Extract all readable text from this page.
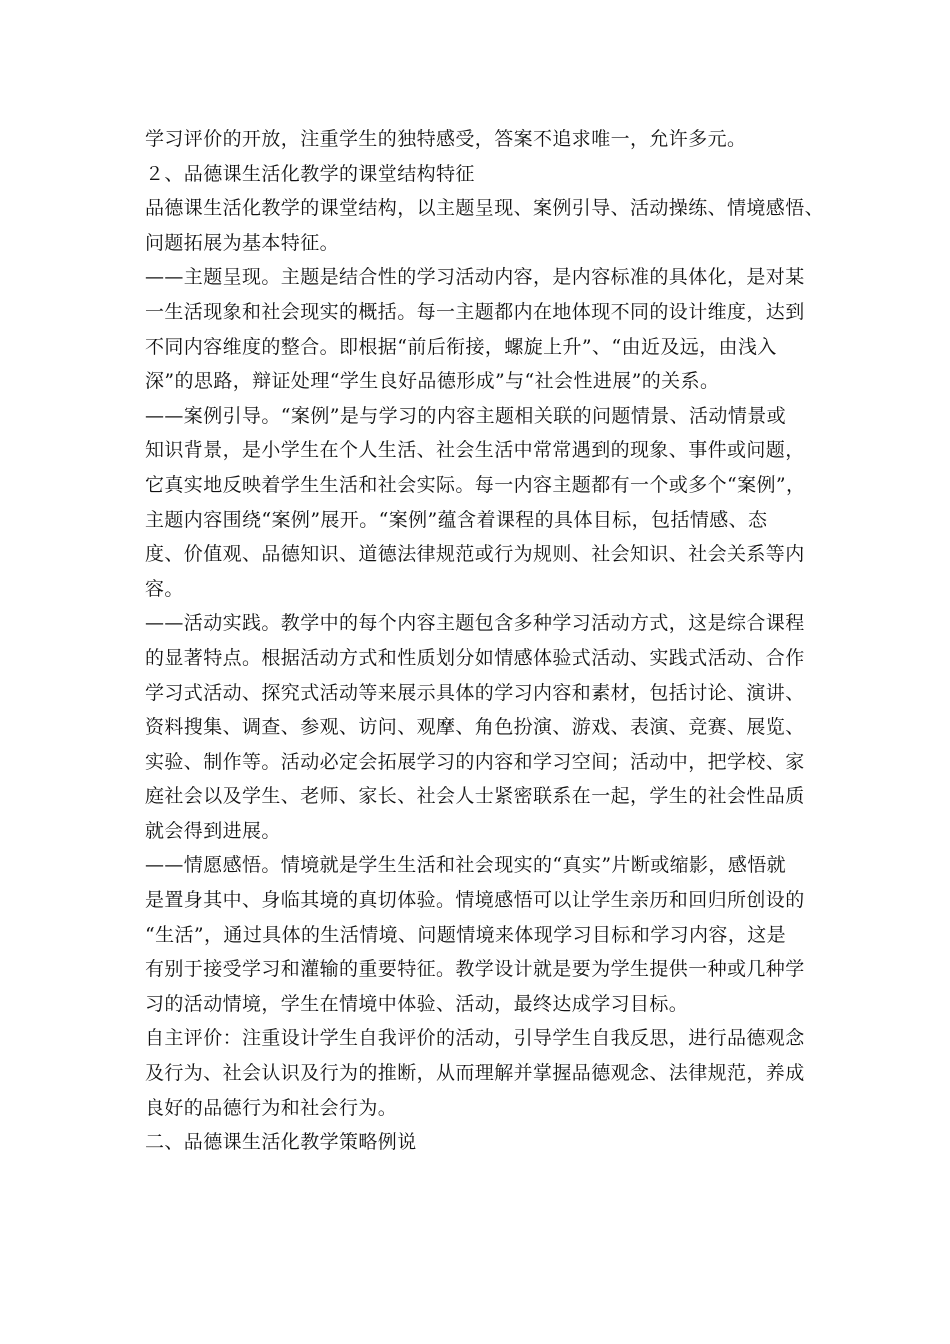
学习评价的开放，注重学生的独特感受，答案不追求唯一，允许多元。
２、品德课生活化教学的课堂结构特征
品德课生活化教学的课堂结构，以主题呈现、案例引导、活动操练、情境感悟、
问题拓展为基本特征。
——主题呈现。主题是结合性的学习活动内容，是内容标准的具体化，是对某
一生活现象和社会现实的概括。每一主题都内在地体现不同的设计维度，达到
不同内容维度的整合。即根据“前后衔接，螺旋上升”、“由近及远，由浅入
深”的思路，辩证处理“学生良好品德形成”与“社会性进展”的关系。
——案例引导。“案例”是与学习的内容主题相关联的问题情景、活动情景或
知识背景，是小学生在个人生活、社会生活中常常遇到的现象、事件或问题，
它真实地反映着学生生活和社会实际。每一内容主题都有一个或多个“案例”，
主题内容围绕“案例”展开。“案例”蕴含着课程的具体目标，包括情感、态
度、价值观、品德知识、道德法律规范或行为规则、社会知识、社会关系等内
容。
——活动实践。教学中的每个内容主题包含多种学习活动方式，这是综合课程
的显著特点。根据活动方式和性质划分如情感体验式活动、实践式活动、合作
学习式活动、探究式活动等来展示具体的学习内容和素材，包括讨论、演讲、
资料搜集、调查、参观、访问、观摩、角色扮演、游戏、表演、竞赛、展览、
实验、制作等。活动必定会拓展学习的内容和学习空间；活动中，把学校、家
庭社会以及学生、老师、家长、社会人士紧密联系在一起，学生的社会性品质
就会得到进展。
——情愿感悟。情境就是学生生活和社会现实的“真实”片断或缩影，感悟就
是置身其中、身临其境的真切体验。情境感悟可以让学生亲历和回归所创设的
“生活”，通过具体的生活情境、问题情境来体现学习目标和学习内容，这是
有别于接受学习和灌输的重要特征。教学设计就是要为学生提供一种或几种学
习的活动情境，学生在情境中体验、活动，最终达成学习目标。
自主评价：注重设计学生自我评价的活动，引导学生自我反思，进行品德观念
及行为、社会认识及行为的推断，从而理解并掌握品德观念、法律规范，养成
良好的品德行为和社会行为。
二、品德课生活化教学策略例说
